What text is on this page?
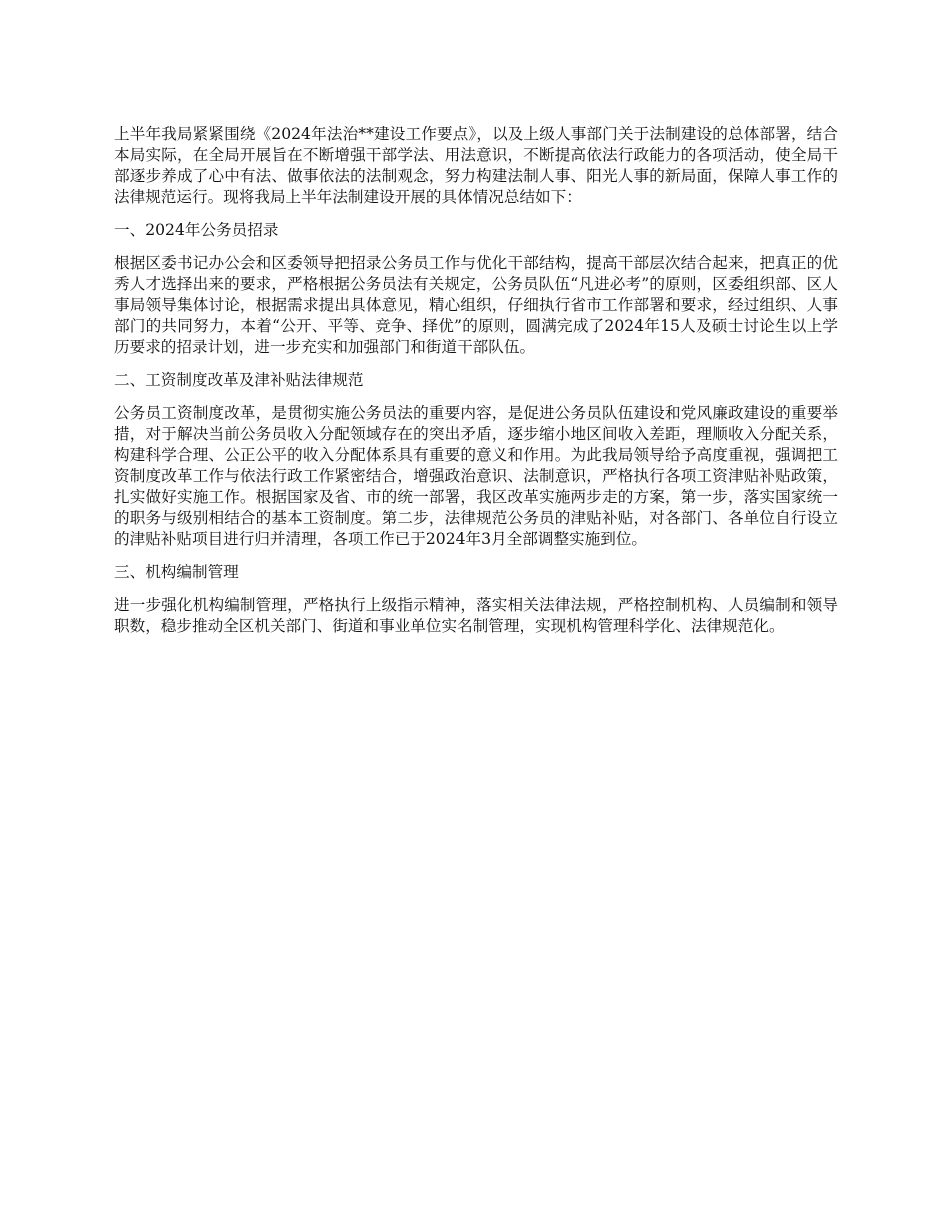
上半年我局紧紧围绕《2024年法治**建设工作要点》，以及上级人事部门关于法制建设的总体部署，结合本局实际，在全局开展旨在不断增强干部学法、用法意识，不断提高依法行政能力的各项活动，使全局干部逐步养成了心中有法、做事依法的法制观念，努力构建法制人事、阳光人事的新局面，保障人事工作的法律规范运行。现将我局上半年法制建设开展的具体情况总结如下：

一、2024年公务员招录

根据区委书记办公会和区委领导把招录公务员工作与优化干部结构，提高干部层次结合起来，把真正的优秀人才选择出来的要求，严格根据公务员法有关规定，公务员队伍“凡进必考”的原则，区委组织部、区人事局领导集体讨论，根据需求提出具体意见，精心组织，仔细执行省市工作部署和要求，经过组织、人事部门的共同努力，本着“公开、平等、竞争、择优”的原则，圆满完成了2024年15人及硕士讨论生以上学历要求的招录计划，进一步充实和加强部门和街道干部队伍。

二、工资制度改革及津补贴法律规范

公务员工资制度改革，是贯彻实施公务员法的重要内容，是促进公务员队伍建设和党风廉政建设的重要举措，对于解决当前公务员收入分配领域存在的突出矛盾，逐步缩小地区间收入差距，理顺收入分配关系，构建科学合理、公正公平的收入分配体系具有重要的意义和作用。为此我局领导给予高度重视，强调把工资制度改革工作与依法行政工作紧密结合，增强政治意识、法制意识，严格执行各项工资津贴补贴政策，扎实做好实施工作。根据国家及省、市的统一部署，我区改革实施两步走的方案，第一步，落实国家统一的职务与级别相结合的基本工资制度。第二步，法律规范公务员的津贴补贴，对各部门、各单位自行设立的津贴补贴项目进行归并清理，各项工作已于2024年3月全部调整实施到位。

三、机构编制管理

进一步强化机构编制管理，严格执行上级指示精神，落实相关法律法规，严格控制机构、人员编制和领导职数，稳步推动全区机关部门、街道和事业单位实名制管理，实现机构管理科学化、法律规范化。
